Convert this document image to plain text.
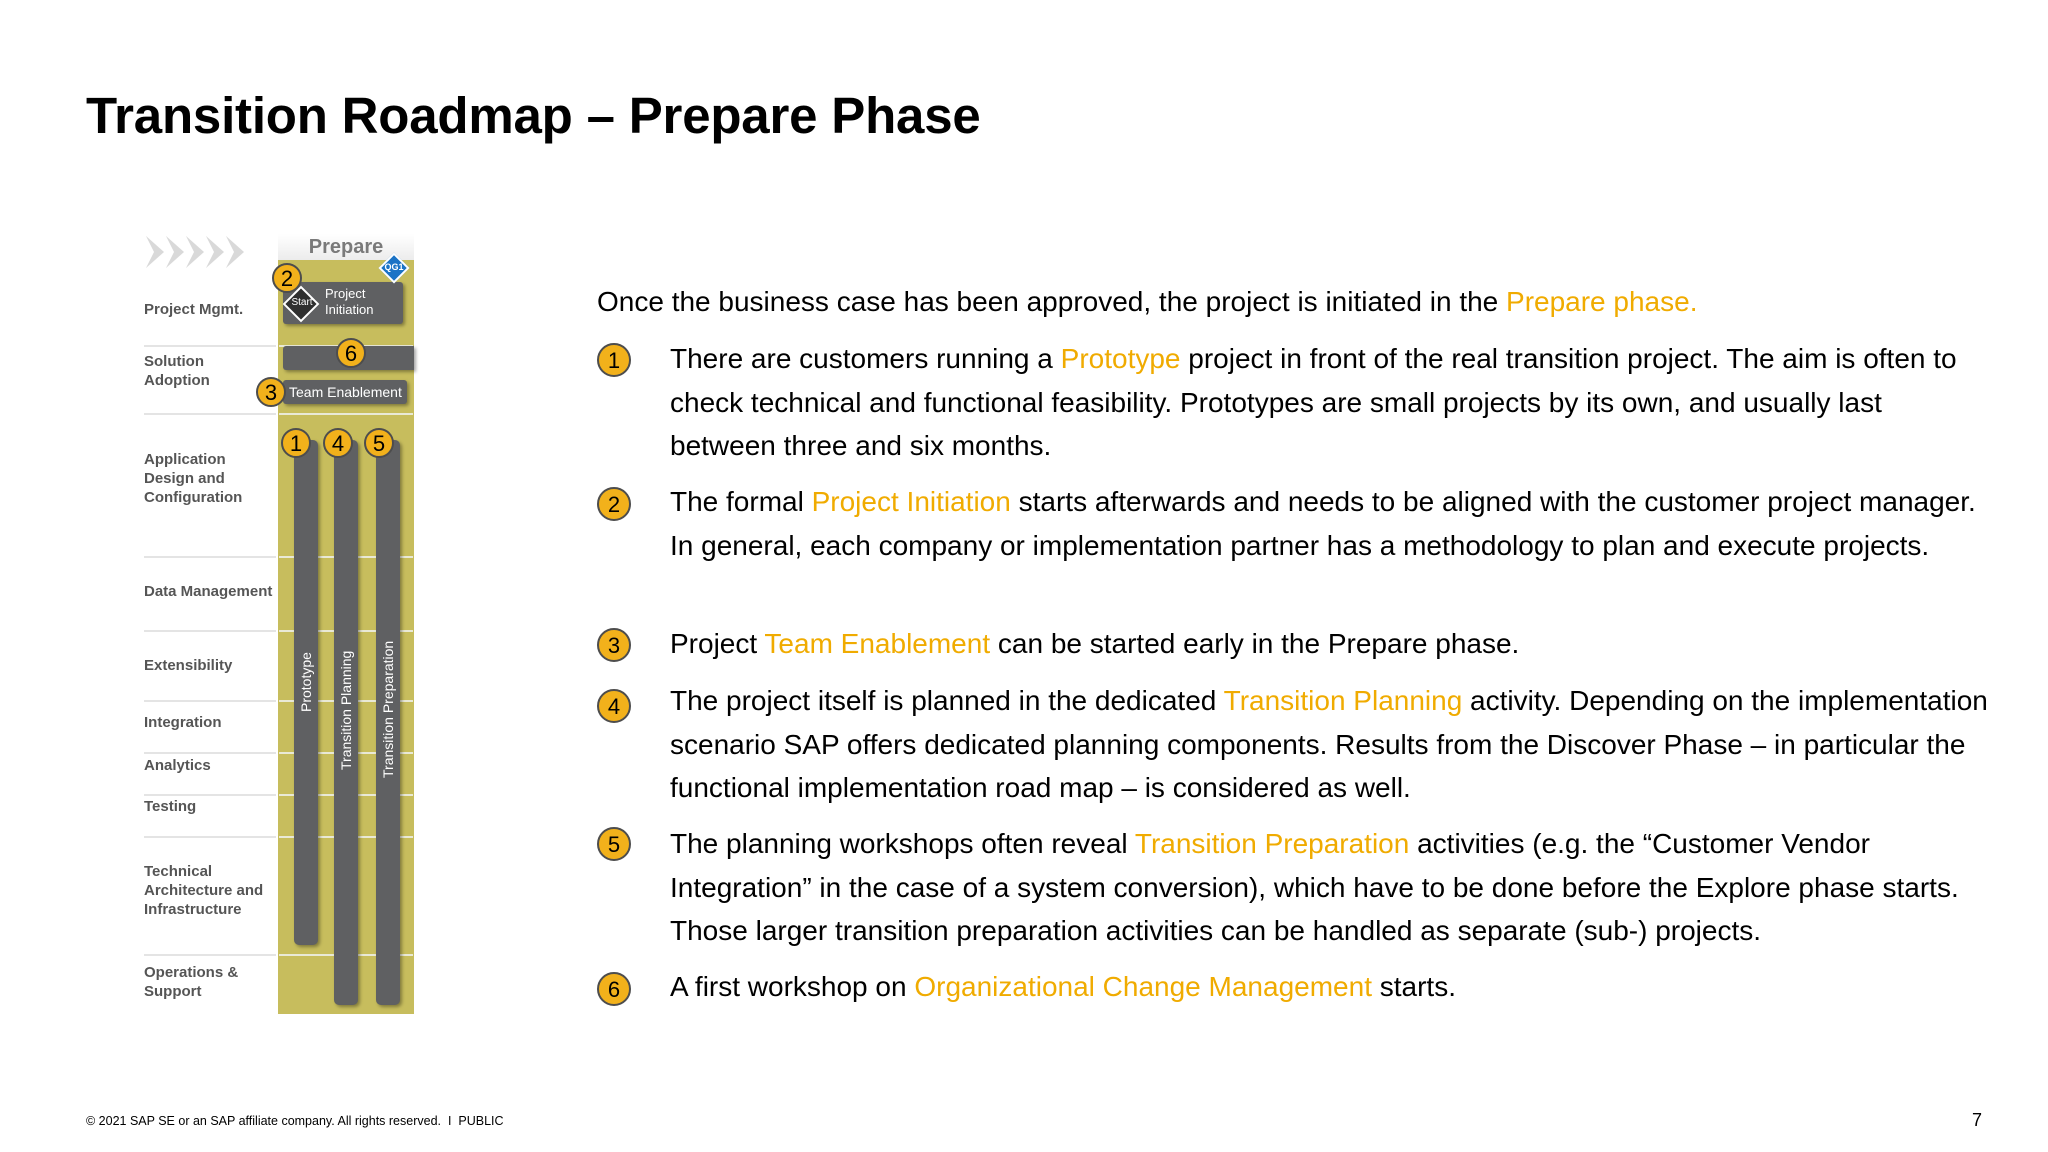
Transition Roadmap – Prepare Phase
Prepare
Project Mgmt.
Solution Adoption
Application Design and Configuration
Data Management
Extensibility
Integration
Analytics
Testing
Technical Architecture and Infrastructure
Operations & Support
Project Initiation
Start
QG1
Team Enablement
Prototype Transition Planning Transition Preparation
2
6
3
1	4	5
Once the business case has been approved, the project is initiated in the Prepare phase.
1	There are customers running a Prototype project in front of the real transition project. The aim is often to check technical and functional feasibility. Prototypes are small projects by its own, and usually last between three and six months.
2	The formal Project Initiation starts afterwards and needs to be aligned with the customer project manager. In general, each company or implementation partner has a methodology to plan and execute projects.
3	Project Team Enablement can be started early in the Prepare phase.
4	The project itself is planned in the dedicated Transition Planning activity. Depending on the implementation scenario SAP offers dedicated planning components. Results from the Discover Phase – in particular the functional implementation road map – is considered as well.
5	The planning workshops often reveal Transition Preparation activities (e.g. the “Customer Vendor Integration” in the case of a system conversion), which have to be done before the Explore phase starts. Those larger transition preparation activities can be handled as separate (sub-) projects.
6	A first workshop on Organizational Change Management starts.
© 2021 SAP SE or an SAP affiliate company. All rights reserved. I PUBLIC	7
